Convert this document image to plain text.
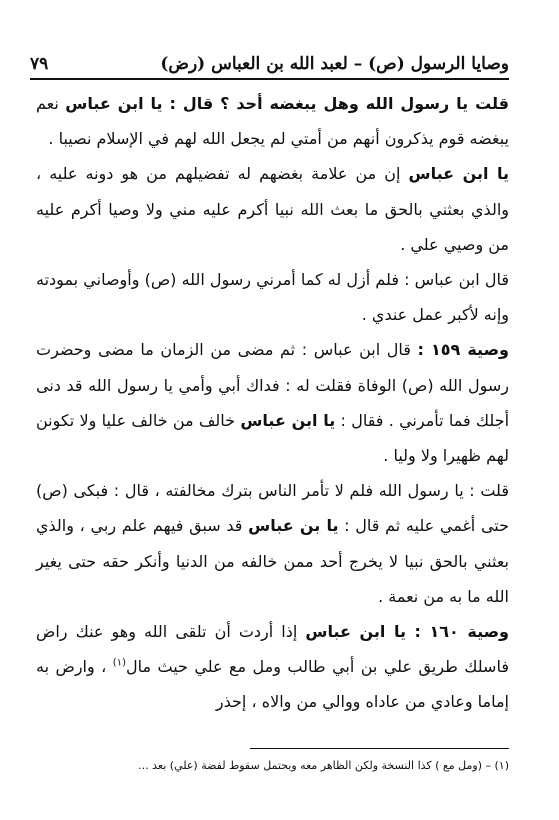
وصايا الرسول (ص) – لعبد الله بن العباس (رض)
٧٩

قلت يا رسول الله وهل يبغضه أحد ؟ قال : يا ابن عباس نعم يبغضه قوم يذكرون أنهم من أمتي لم يجعل الله لهم في الإسلام نصيبا .

يا ابن عباس إن من علامة بغضهم له تفضيلهم من هو دونه عليه ، والذي بعثني بالحق ما بعث الله نبيا أكرم عليه مني ولا وصيا أكرم عليه من وصيي علي .

قال ابن عباس : فلم أزل له كما أمرني رسول الله (ص) وأوصاني بمودته وإنه لأكبر عمل عندي .

وصية ١٥٩ : قال ابن عباس : ثم مضى من الزمان ما مضى وحضرت رسول الله (ص) الوفاة فقلت له : فداك أبي وأمي يا رسول الله قد دنى أجلك فما تأمرني . فقال : يا ابن عباس خالف من خالف عليا ولا تكونن لهم ظهيرا ولا وليا .

قلت : يا رسول الله فلم لا تأمر الناس بترك مخالفته ، قال : فبكى (ص) حتى أغمي عليه ثم قال : يا بن عباس قد سبق فيهم علم ربي ، والذي بعثني بالحق نبيا لا يخرج أحد ممن خالفه من الدنيا وأنكر حقه حتى يغير الله ما به من نعمة .

وصية ١٦٠ : يا ابن عباس إذا أردت أن تلقى الله وهو عنك راض فاسلك طريق علي بن أبي طالب ومل مع علي حيث مال$^{(١)}$ ، وارض به إماما وعادي من عاداه ووالي من والاه ، إحذر

(١) – (ومل مع ) كذا النسخة ولكن الظاهر معه ويحتمل سقوط لفضة (علي) بعد ...
